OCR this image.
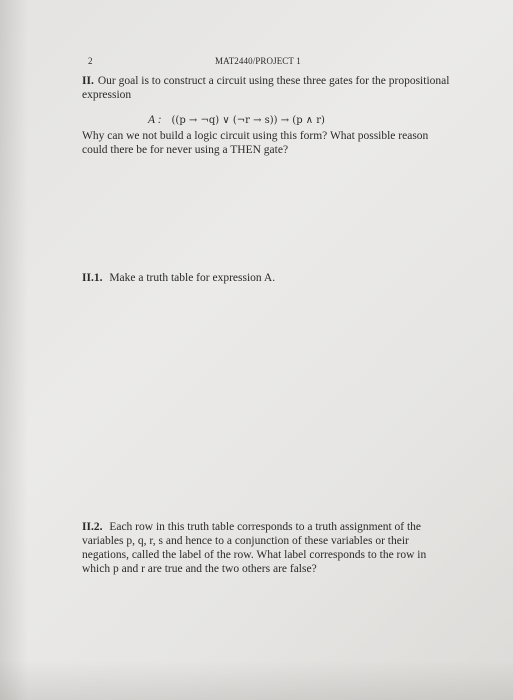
2	MAT2440/PROJECT 1

II. Our goal is to construct a circuit using these three gates for the propositional expression

A : ((p → ¬q) ∨ (¬r → s)) → (p ∧ r)

Why can we not build a logic circuit using this form? What possible reason could there be for never using a THEN gate?

II.1. Make a truth table for expression A.

II.2. Each row in this truth table corresponds to a truth assignment of the variables p, q, r, s and hence to a conjunction of these variables or their negations, called the label of the row. What label corresponds to the row in which p and r are true and the two others are false?
